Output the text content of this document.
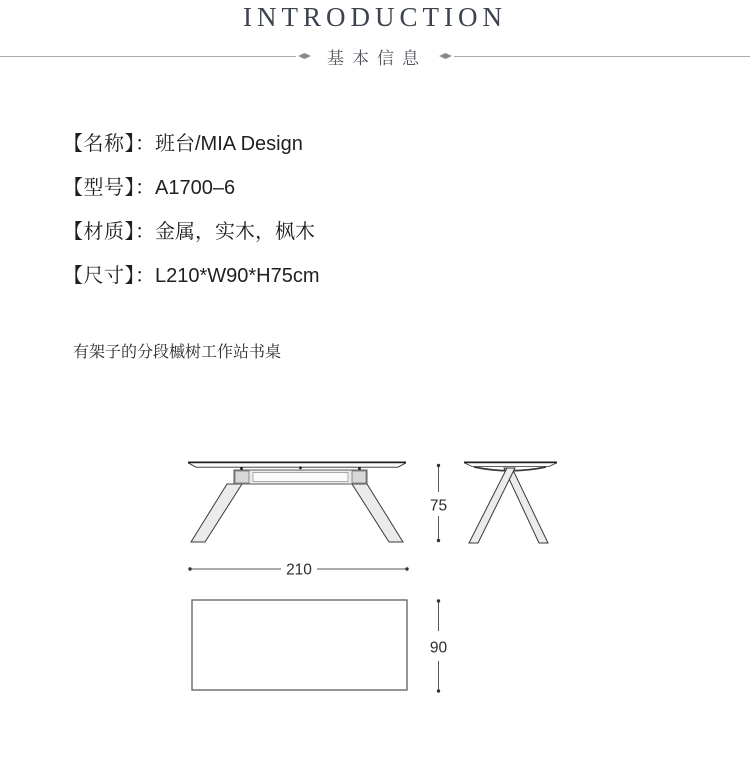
INTRODUCTION
基本信息

【名称】：班台/MIA Design

【型号】：A1700–6

【材质】：金属，实木，枫木

【尺寸】：L210*W90*H75cm

有架子的分段槭树工作站书桌

75
210
90
